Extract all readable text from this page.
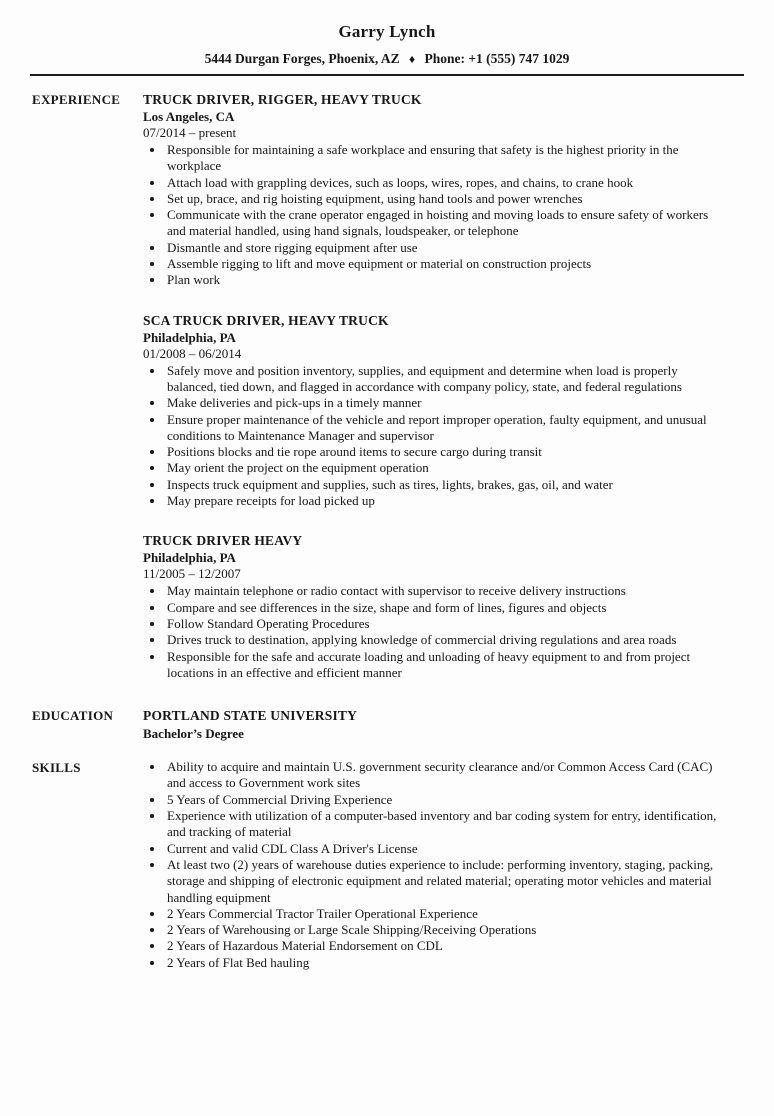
Garry Lynch
5444 Durgan Forges, Phoenix, AZ ♦ Phone: +1 (555) 747 1029
EXPERIENCE	TRUCK DRIVER, RIGGER, HEAVY TRUCK
Los Angeles, CA
07/2014 – present
• Responsible for maintaining a safe workplace and ensuring that safety is the highest priority in the workplace
• Attach load with grappling devices, such as loops, wires, ropes, and chains, to crane hook
• Set up, brace, and rig hoisting equipment, using hand tools and power wrenches
• Communicate with the crane operator engaged in hoisting and moving loads to ensure safety of workers and material handled, using hand signals, loudspeaker, or telephone
• Dismantle and store rigging equipment after use
• Assemble rigging to lift and move equipment or material on construction projects
• Plan work
SCA TRUCK DRIVER, HEAVY TRUCK
Philadelphia, PA
01/2008 – 06/2014
• Safely move and position inventory, supplies, and equipment and determine when load is properly balanced, tied down, and flagged in accordance with company policy, state, and federal regulations
• Make deliveries and pick-ups in a timely manner
• Ensure proper maintenance of the vehicle and report improper operation, faulty equipment, and unusual conditions to Maintenance Manager and supervisor
• Positions blocks and tie rope around items to secure cargo during transit
• May orient the project on the equipment operation
• Inspects truck equipment and supplies, such as tires, lights, brakes, gas, oil, and water
• May prepare receipts for load picked up
TRUCK DRIVER HEAVY
Philadelphia, PA
11/2005 – 12/2007
• May maintain telephone or radio contact with supervisor to receive delivery instructions
• Compare and see differences in the size, shape and form of lines, figures and objects
• Follow Standard Operating Procedures
• Drives truck to destination, applying knowledge of commercial driving regulations and area roads
• Responsible for the safe and accurate loading and unloading of heavy equipment to and from project locations in an effective and efficient manner
EDUCATION	PORTLAND STATE UNIVERSITY
Bachelor’s Degree
SKILLS	• Ability to acquire and maintain U.S. government security clearance and/or Common Access Card (CAC) and access to Government work sites
• 5 Years of Commercial Driving Experience
• Experience with utilization of a computer-based inventory and bar coding system for entry, identification, and tracking of material
• Current and valid CDL Class A Driver's License
• At least two (2) years of warehouse duties experience to include: performing inventory, staging, packing, storage and shipping of electronic equipment and related material; operating motor vehicles and material handling equipment
• 2 Years Commercial Tractor Trailer Operational Experience
• 2 Years of Warehousing or Large Scale Shipping/Receiving Operations
• 2 Years of Hazardous Material Endorsement on CDL
• 2 Years of Flat Bed hauling
